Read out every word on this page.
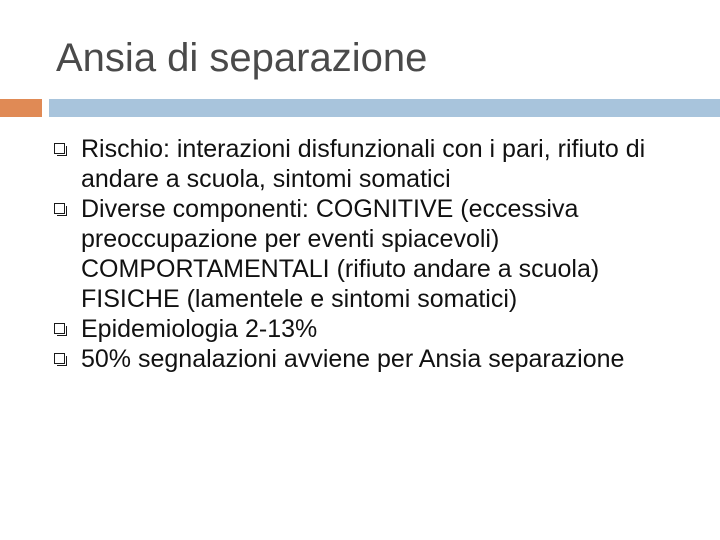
Ansia di separazione
Rischio: interazioni disfunzionali con i pari, rifiuto di andare a scuola, sintomi somatici
Diverse componenti: COGNITIVE (eccessiva preoccupazione per eventi spiacevoli) COMPORTAMENTALI (rifiuto andare a scuola) FISICHE (lamentele e sintomi somatici)
Epidemiologia 2-13%
50% segnalazioni avviene per Ansia separazione
